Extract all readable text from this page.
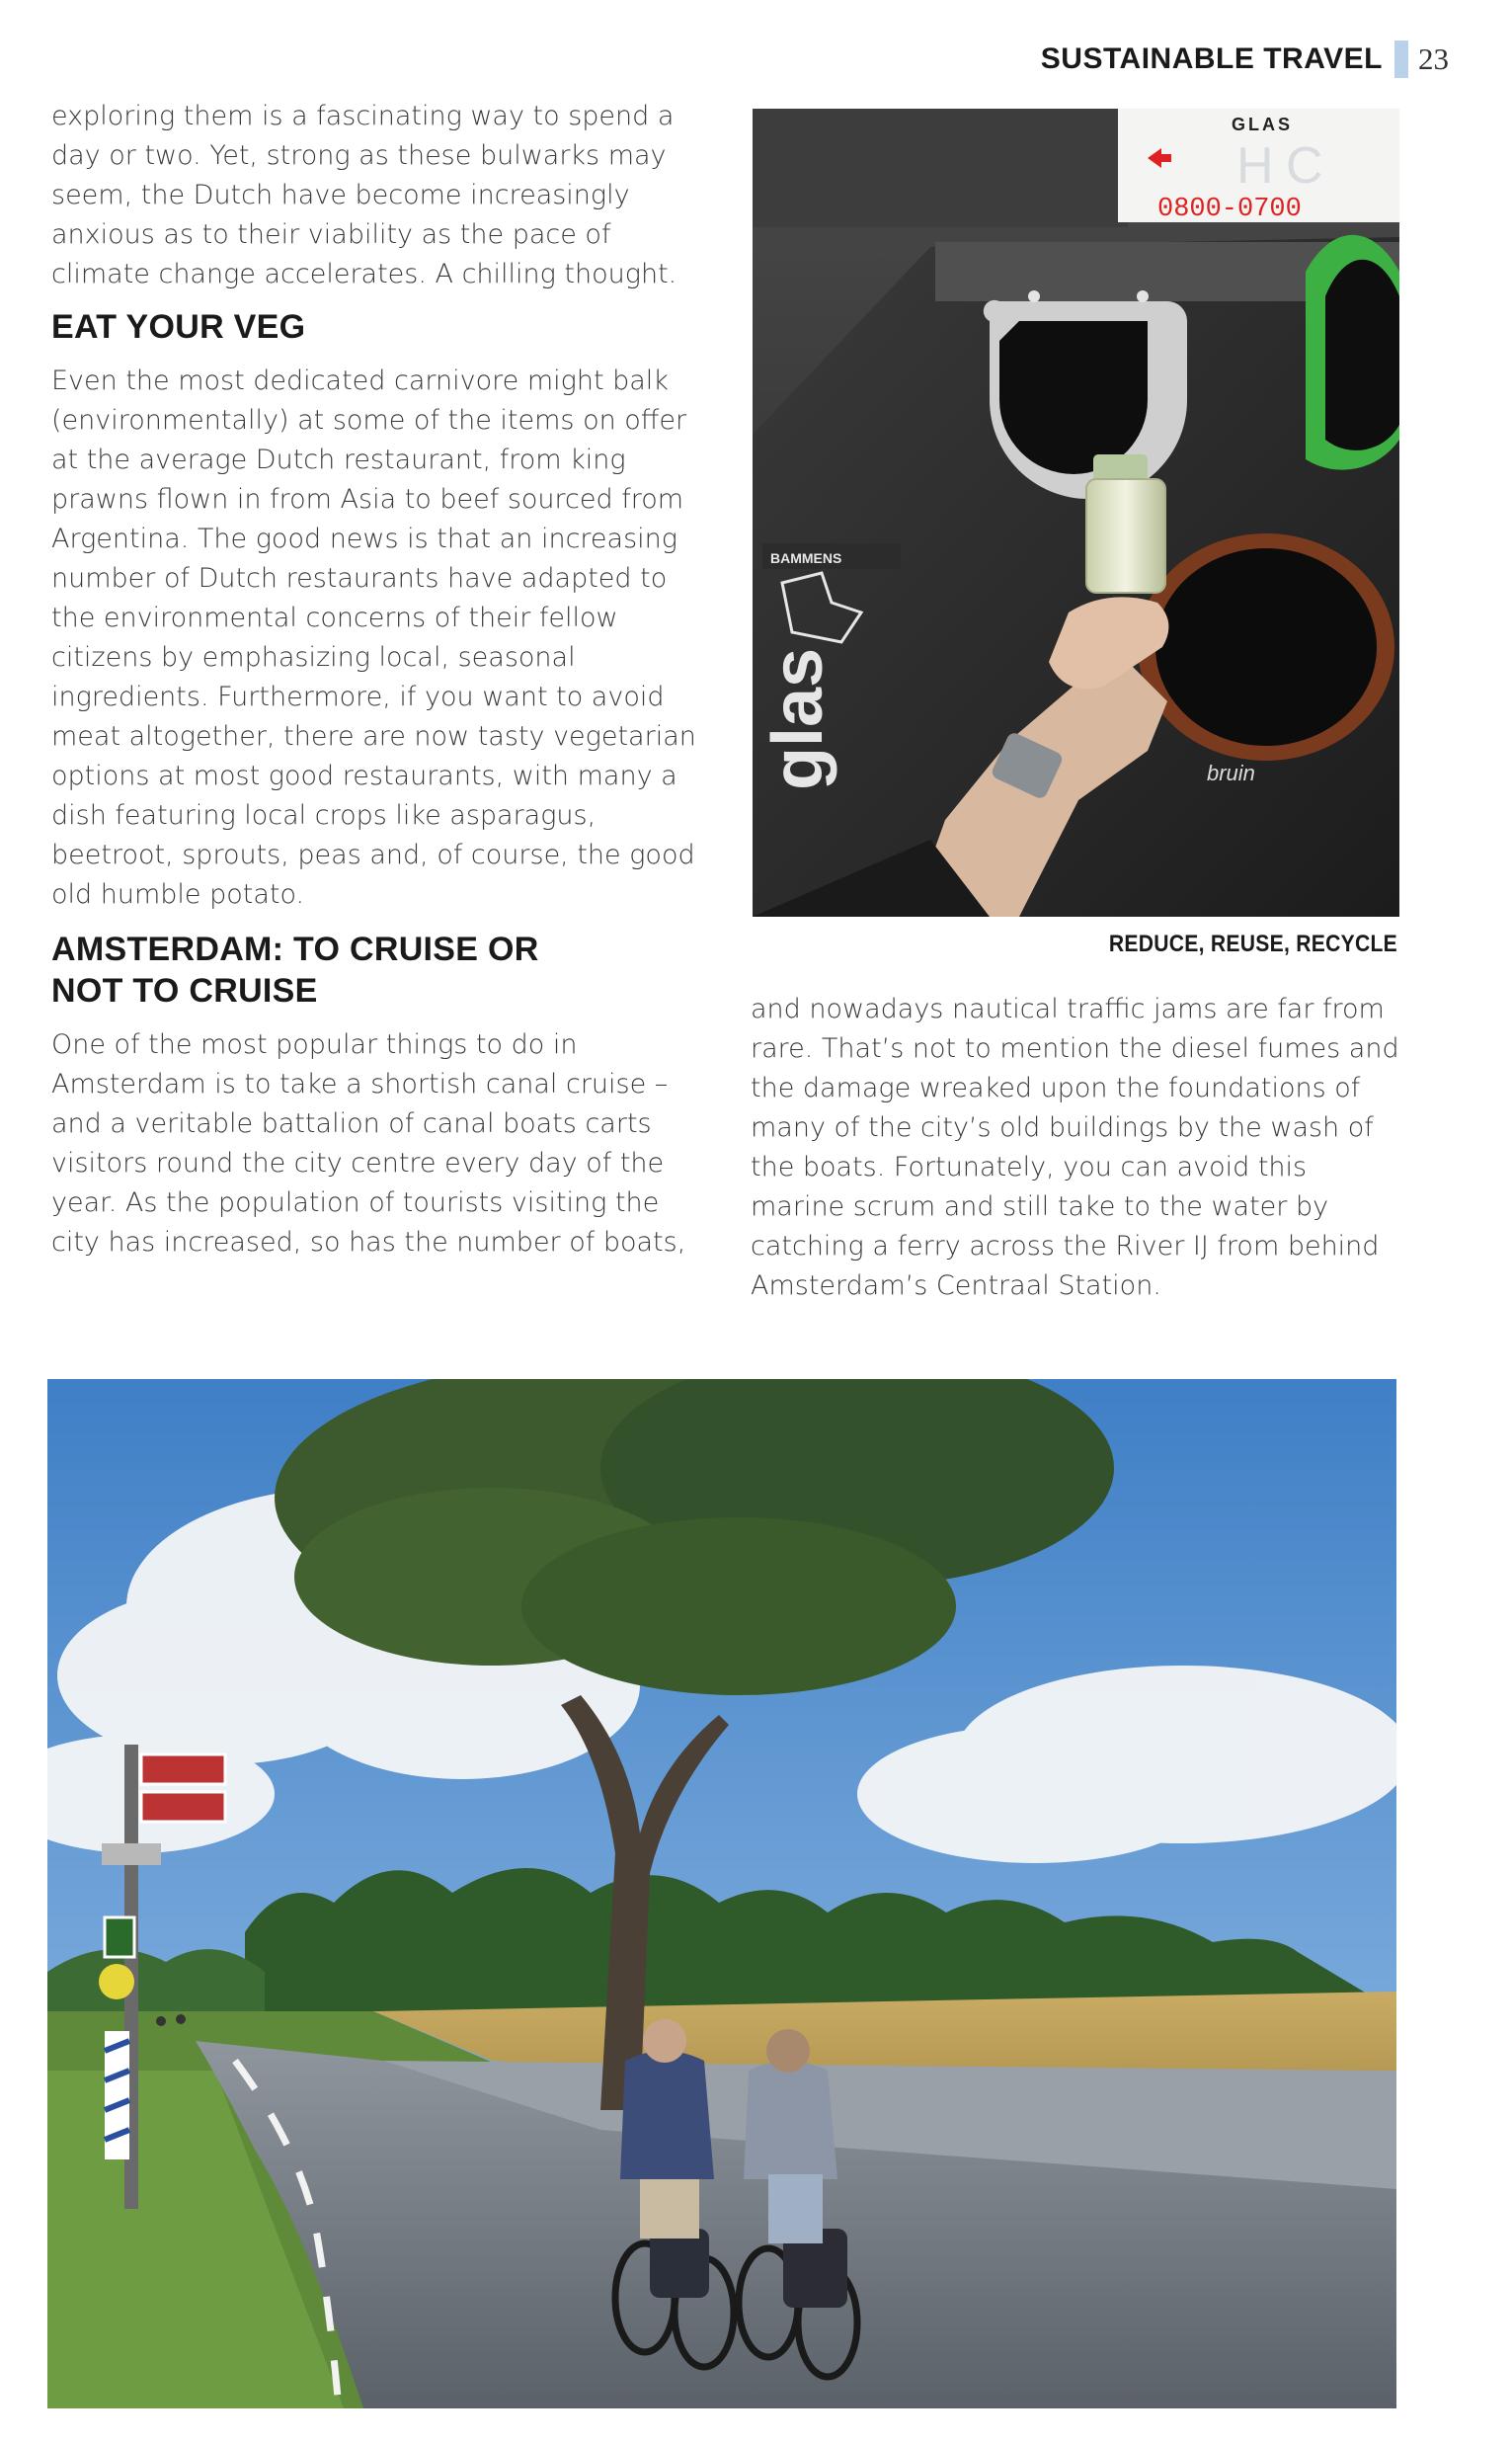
SUSTAINABLE TRAVEL 23

exploring them is a fascinating way to spend a day or two. Yet, strong as these bulwarks may seem, the Dutch have become increasingly anxious as to their viability as the pace of climate change accelerates. A chilling thought.

EAT YOUR VEG

Even the most dedicated carnivore might balk (environmentally) at some of the items on offer at the average Dutch restaurant, from king prawns flown in from Asia to beef sourced from Argentina. The good news is that an increasing number of Dutch restaurants have adapted to the environmental concerns of their fellow citizens by emphasizing local, seasonal ingredients. Furthermore, if you want to avoid meat altogether, there are now tasty vegetarian options at most good restaurants, with many a dish featuring local crops like asparagus, beetroot, sprouts, peas and, of course, the good old humble potato.

AMSTERDAM: TO CRUISE OR NOT TO CRUISE

One of the most popular things to do in Amsterdam is to take a shortish canal cruise – and a veritable battalion of canal boats carts visitors round the city centre every day of the year. As the population of tourists visiting the city has increased, so has the number of boats,

GLAS
H C
0800-0700
BAMMENS
glas	bruin
REDUCE, REUSE, RECYCLE

and nowadays nautical traffic jams are far from rare. That’s not to mention the diesel fumes and the damage wreaked upon the foundations of many of the city’s old buildings by the wash of the boats. Fortunately, you can avoid this marine scrum and still take to the water by catching a ferry across the River IJ from behind Amsterdam’s Centraal Station.
